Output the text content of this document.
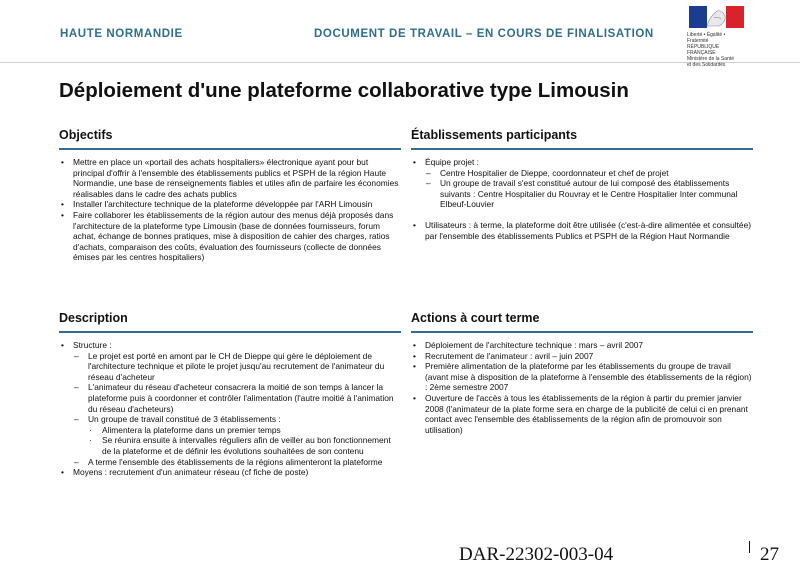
HAUTE NORMANDIE	DOCUMENT DE TRAVAIL – EN COURS DE FINALISATION	Liberté • Égalité • Fraternité
RÉPUBLIQUE FRANÇAISE
Ministère de la Santé
et des Solidarités
Déploiement d'une plateforme collaborative type Limousin
Objectifs
• Mettre en place un «portail des achats hospitaliers» électronique ayant pour but principal d'offrir à l'ensemble des établissements publics et PSPH de la région Haute Normandie, une base de renseignements fiables et utiles afin de parfaire les économies réalisables dans le cadre des achats publics
• Installer l'architecture technique de la plateforme développée par l'ARH Limousin
• Faire collaborer les établissements de la région autour des menus déjà proposés dans l'architecture de la plateforme type Limousin (base de données fournisseurs, forum achat, échange de bonnes pratiques, mise à disposition de cahier des charges, ratios d'achats, comparaison des coûts, évaluation des fournisseurs (collecte de données émises par les centres hospitaliers)
Établissements participants
• Équipe projet :
– Centre Hospitalier de Dieppe, coordonnateur et chef de projet
– Un groupe de travail s'est constitué autour de lui composé des établissements suivants : Centre Hospitalier du Rouvray et le Centre Hospitalier Inter communal Elbeuf-Louvier
• Utilisateurs : à terme, la plateforme doit être utilisée (c'est-à-dire alimentée et consultée) par l'ensemble des établissements Publics et PSPH de la Région Haut Normandie
Description
• Structure :
– Le projet est porté en amont par le CH de Dieppe qui gère le déploiement de l'architecture technique et pilote le projet jusqu'au recrutement de l'animateur du réseau d'acheteur
– L'animateur du réseau d'acheteur consacrera la moitié de son temps à lancer la plateforme puis à coordonner et contrôler l'alimentation (l'autre moitié à l'animation du réseau d'acheteurs)
– Un groupe de travail constitué de 3 établissements :
· Alimentera la plateforme dans un premier temps
· Se réunira ensuite à intervalles réguliers afin de veiller au bon fonctionnement de la plateforme et de définir les évolutions souhaitées de son contenu
– A terme l'ensemble des établissements de la régions alimenteront la plateforme
• Moyens : recrutement d'un animateur réseau (cf fiche de poste)
Actions à court terme
• Déploiement de l'architecture technique : mars – avril 2007
• Recrutement de l'animateur : avril – juin 2007
• Première alimentation de la plateforme par les établissements du groupe de travail (avant mise à disposition de la plateforme à l'ensemble des établissements de la région) : 2ème semestre 2007
• Ouverture de l'accès à tous les établissements de la région à partir du premier janvier 2008 (l'animateur de la plate forme sera en charge de la publicité de celui ci en prenant contact avec l'ensemble des établissements de la région afin de promouvoir son utilisation)
DAR-22302-003-04	27
